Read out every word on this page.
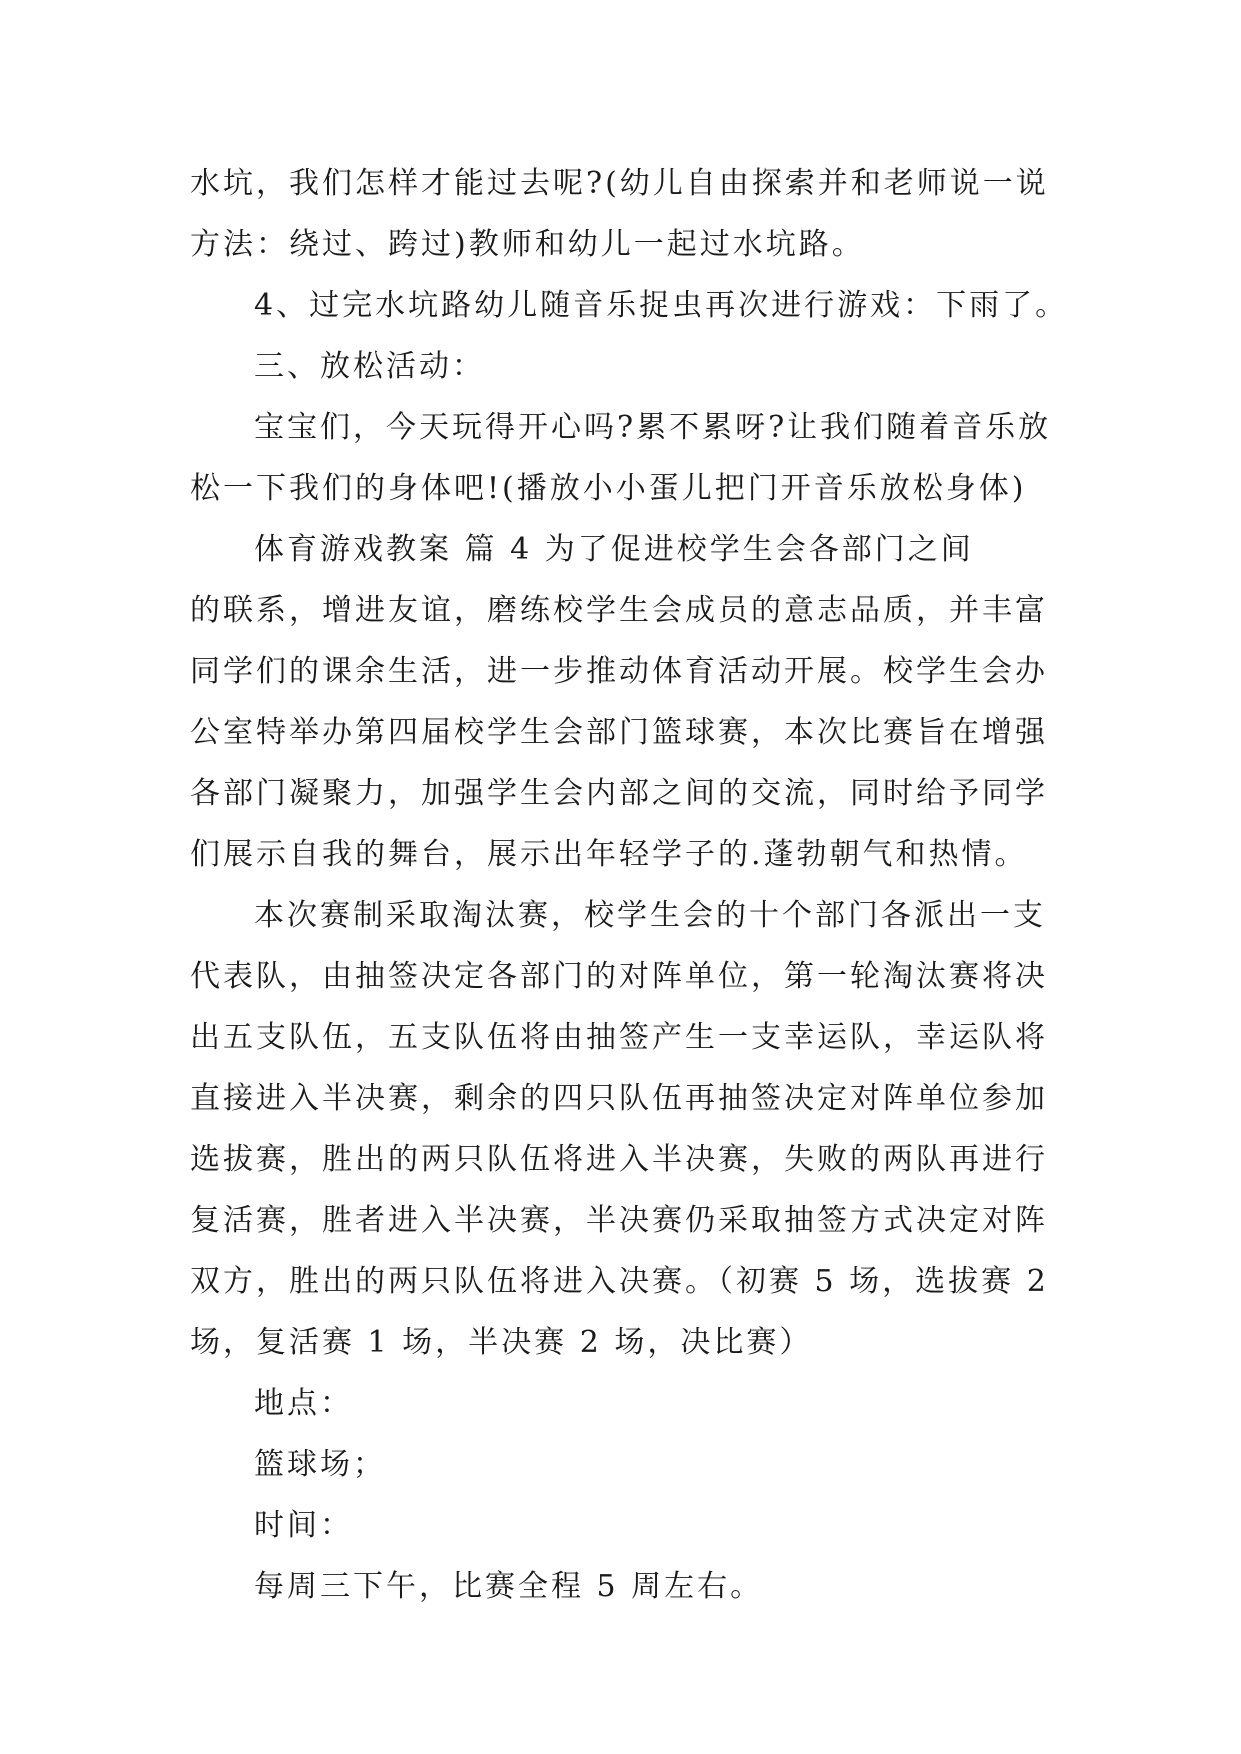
水坑，我们怎样才能过去呢?(幼儿自由探索并和老师说一说
方法：绕过、跨过)教师和幼儿一起过水坑路。
4、过完水坑路幼儿随音乐捉虫再次进行游戏：下雨了。
三、放松活动：
宝宝们，今天玩得开心吗?累不累呀?让我们随着音乐放
松一下我们的身体吧!(播放小小蛋儿把门开音乐放松身体)
体育游戏教案 篇 4 为了促进校学生会各部门之间
的联系，增进友谊，磨练校学生会成员的意志品质，并丰富
同学们的课余生活，进一步推动体育活动开展。校学生会办
公室特举办第四届校学生会部门篮球赛，本次比赛旨在增强
各部门凝聚力，加强学生会内部之间的交流，同时给予同学
们展示自我的舞台，展示出年轻学子的.蓬勃朝气和热情。
本次赛制采取淘汰赛，校学生会的十个部门各派出一支
代表队，由抽签决定各部门的对阵单位，第一轮淘汰赛将决
出五支队伍，五支队伍将由抽签产生一支幸运队，幸运队将
直接进入半决赛，剩余的四只队伍再抽签决定对阵单位参加
选拔赛，胜出的两只队伍将进入半决赛，失败的两队再进行
复活赛，胜者进入半决赛，半决赛仍采取抽签方式决定对阵
双方，胜出的两只队伍将进入决赛。（初赛 5 场，选拔赛 2
场，复活赛 1 场，半决赛 2 场，决比赛）
地点：
篮球场；
时间：
每周三下午，比赛全程 5 周左右。
